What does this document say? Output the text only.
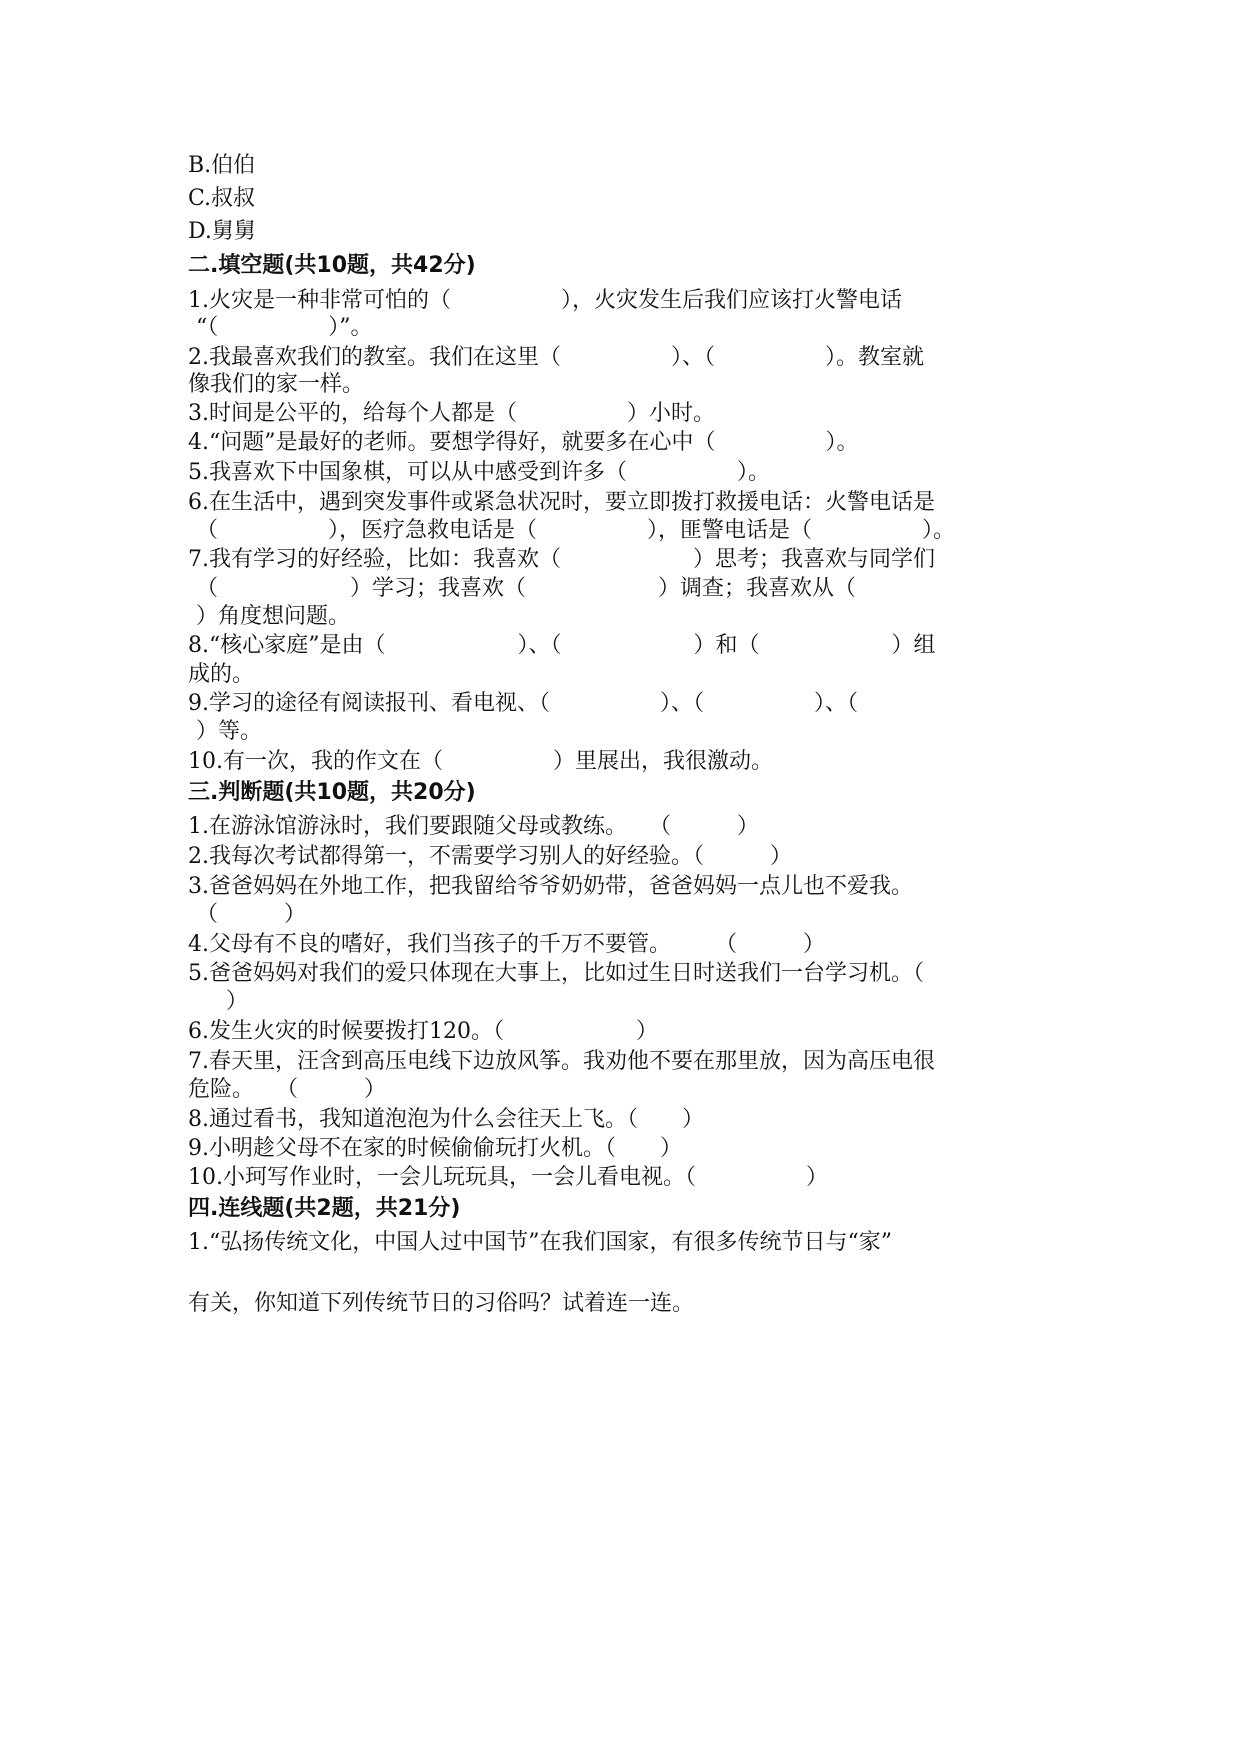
B.伯伯
C.叔叔
D.舅舅
二.填空题(共10题，共42分)
1.火灾是一种非常可怕的（　　　　　），火灾发生后我们应该打火警电话
“（　　　　　）”。
2.我最喜欢我们的教室。我们在这里（　　　　　）、（　　　　　）。教室就
像我们的家一样。
3.时间是公平的，给每个人都是（　　　　　）小时。
4.“问题”是最好的老师。要想学得好，就要多在心中（　　　　　）。
5.我喜欢下中国象棋，可以从中感受到许多（　　　　　）。
6.在生活中，遇到突发事件或紧急状况时，要立即拨打救援电话：火警电话是
（　　　　　），医疗急救电话是（　　　　　），匪警电话是（　　　　　）。
7.我有学习的好经验，比如：我喜欢（　　　　　　）思考；我喜欢与同学们
（　　　　　　）学习；我喜欢（　　　　　　）调查；我喜欢从（
）角度想问题。
8.“核心家庭”是由（　　　　　　）、（　　　　　　）和（　　　　　　）组
成的。
9.学习的途径有阅读报刊、看电视、（　　　　　）、（　　　　　）、（
）等。
10.有一次，我的作文在（　　　　　）里展出，我很激动。
三.判断题(共10题，共20分)
1.在游泳馆游泳时，我们要跟随父母或教练。　　（　　　）
2.我每次考试都得第一，不需要学习别人的好经验。（　　　）
3.爸爸妈妈在外地工作，把我留给爷爷奶奶带，爸爸妈妈一点儿也不爱我。
（　　　）
4.父母有不良的嗜好，我们当孩子的千万不要管。　　　（　　　）
5.爸爸妈妈对我们的爱只体现在大事上，比如过生日时送我们一台学习机。（
）
6.发生火灾的时候要拨打120。（　　　　　　）
7.春天里，汪含到高压电线下边放风筝。我劝他不要在那里放，因为高压电很
危险。　　（　　　）
8.通过看书，我知道泡泡为什么会往天上飞。（　　）
9.小明趁父母不在家的时候偷偷玩打火机。（　　）
10.小珂写作业时，一会儿玩玩具，一会儿看电视。（　　　　　）
四.连线题(共2题，共21分)
1.“弘扬传统文化，中国人过中国节”在我们国家，有很多传统节日与“家”
有关，你知道下列传统节日的习俗吗？试着连一连。
